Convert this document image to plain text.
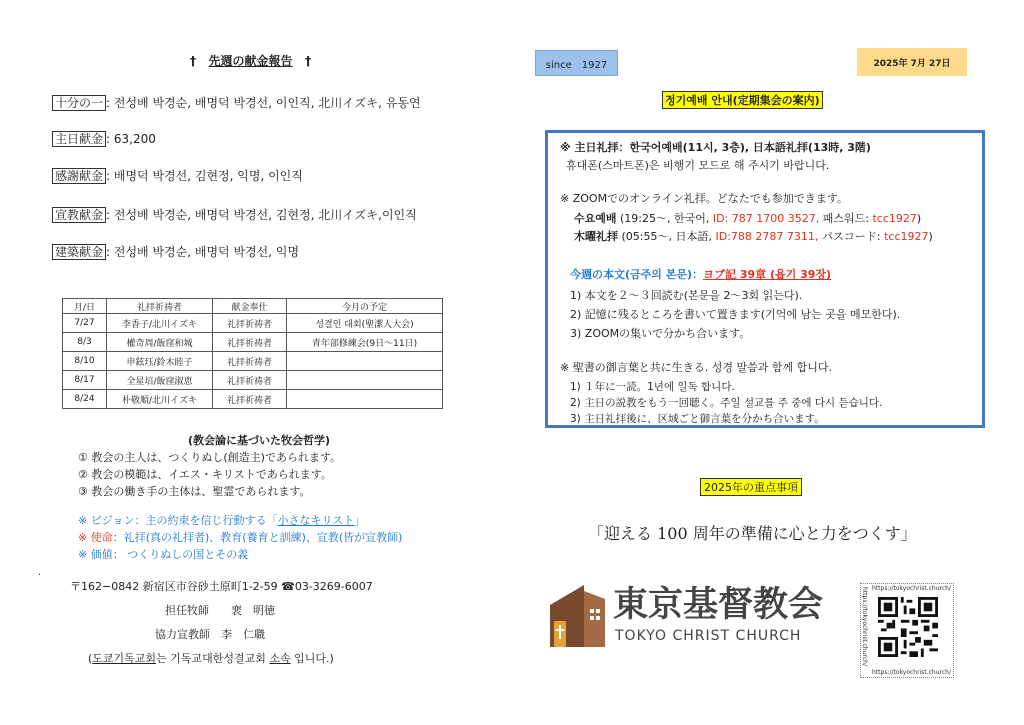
† 先週の献金報告 †
十分の一 : 전성배 박경순, 배명덕 박경선, 이인직, 北川イズキ, 유동연
主日献金 : 63,200
感謝献金 : 배명덕 박경선, 김현정, 익명, 이인직
宣教献金 : 전성배 박경순, 배명덕 박경선, 김현정, 北川イズキ,이인직
建築献金 : 전성배 박경순, 배명덕 박경선, 익명
月/日	礼拝祈祷者	献金奉仕	今月の予定
7/27	李香子/北川イズキ	礼拝祈祷者	성결인 대회(聖潔人大会)
8/3	權奇周/飯窪和城	礼拝祈祷者	青年部修練会(9日～11日)
8/10	申鉉珏/鈴木睦子	礼拝祈祷者	
8/17	全星培/飯窪淑恵	礼拝祈祷者	
8/24	朴敬順/北川イズキ	礼拝祈祷者	
(教会論に基づいた牧会哲学)
① 教会の主人は、つくりぬし(創造主)であられます。
② 教会の模範は、イエス・キリストであられます。
③ 教会の働き手の主体は、聖霊であられます。
※ ビジョン：主の約束を信じ行動する「小さなキリスト」
※ 使命：礼拝(真の礼拝者)、教育(養育と訓練)、宣教(皆が宣教師)
※ 価値： つくりぬしの国とその義
·
〒162−0842 新宿区市谷砂土原町1-2-59 ☎03-3269-6007
担任牧師　　裵　明徳
協力宣教師　李　仁職
(도쿄기독교회는 기독교대한성결교회 소속 입니다.)
since　1927	2025年 7月 27日
정기예배 안내(定期集会の案内)
※ 主日礼拝：한국어예배(11시, 3층), 日本語礼拝(13時, 3階)
휴대폰(스마트폰)은 비행기 모드로 해 주시기 바랍니다.
※ ZOOMでのオンライン礼拝。どなたでも参加できます。
수요예배 (19:25～, 한국어, ID: 787 1700 3527, 패스워드: tcc1927)
木曜礼拝 (05:55～, 日本語, ID:788 2787 7311, パスコード: tcc1927)
今週の本文(금주의 본문)：ヨブ記 39章 (욥기 39장)
1) 本文を２～３回読む(본문을 2～3회 읽는다).
2) 記憶に残るところを書いて置きます(기억에 남는 곳을 메모한다).
3) ZOOMの集いで分かち合います。
※ 聖書の御言葉と共に生きる. 성경 말씀과 함께 합니다.
1) １年に一読。1년에 일독 합니다.
2) 主日の説教をもう一回聴く。주일 설교를 주 중에 다시 듣습니다.
3) 主日礼拝後に、区域ごと御言葉を分かち合います。
2025年の重点事項
「迎える 100 周年の準備に心と力をつくす」
東京基督教会
TOKYO CHRIST CHURCH	https://tokyochrist.church/ https://tokyochrist.church/
https://tokyochrist.church/
